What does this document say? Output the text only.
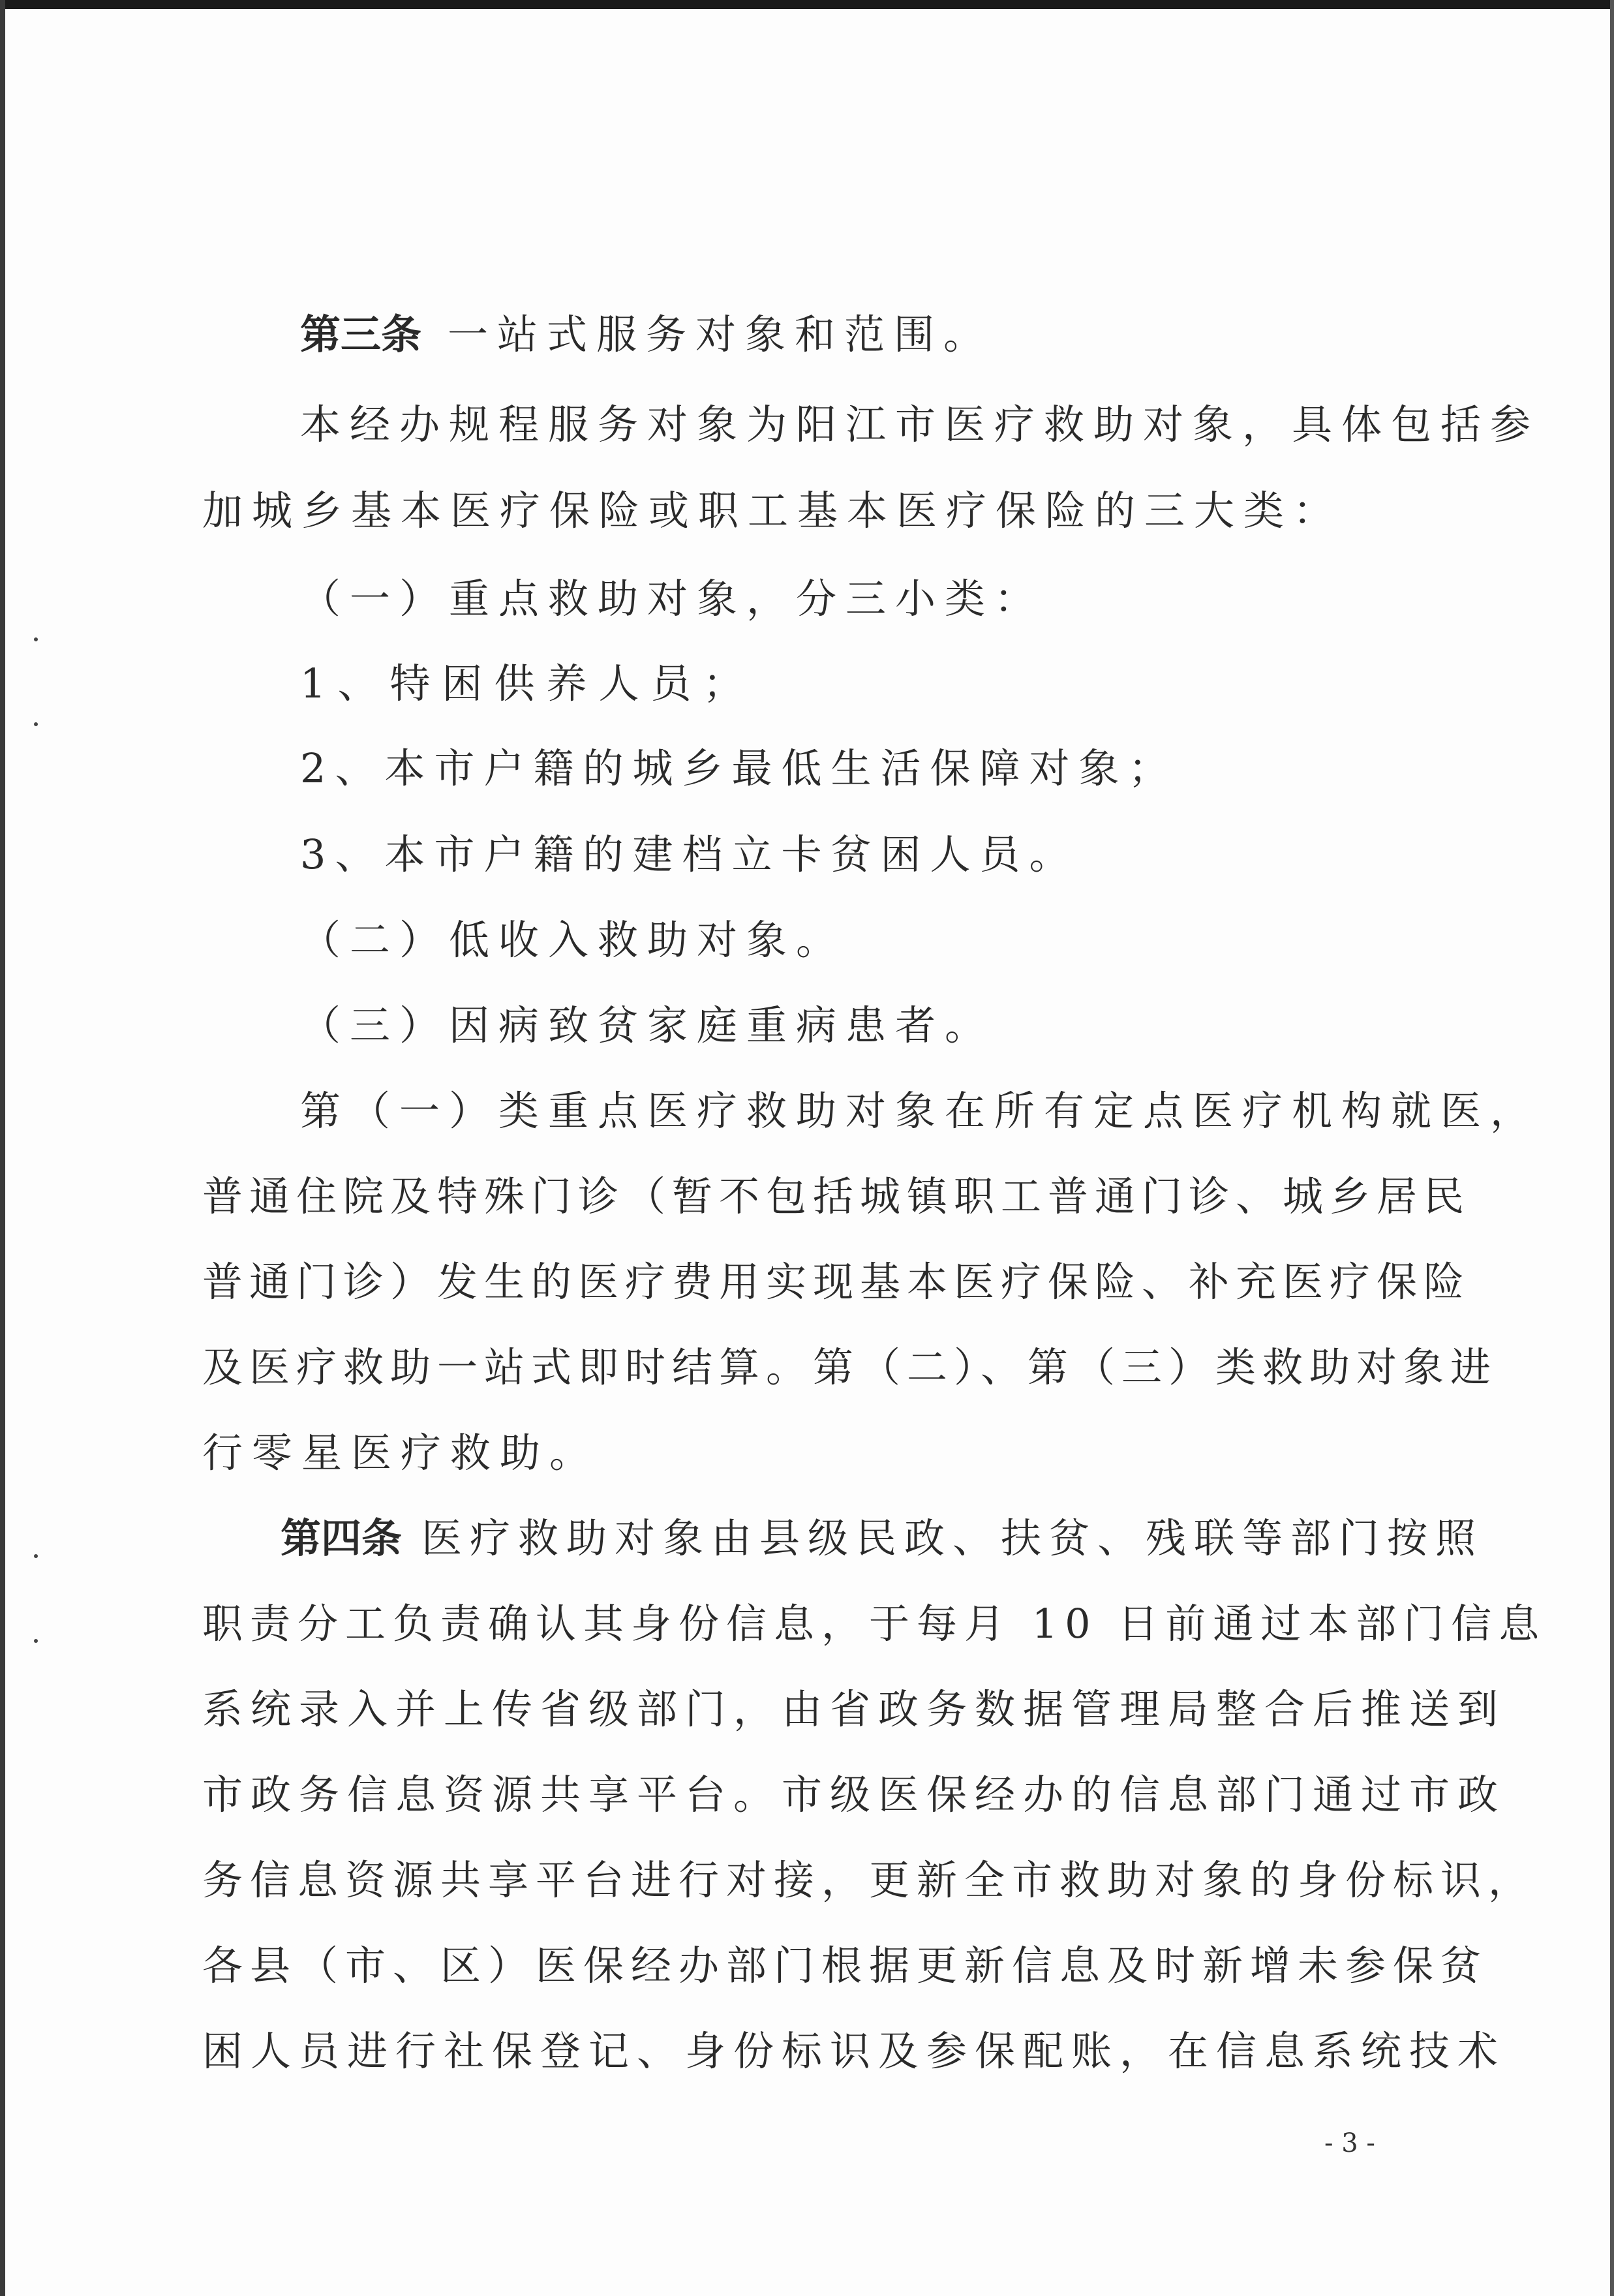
第三条 一站式服务对象和范围。
本经办规程服务对象为阳江市医疗救助对象，具体包括参
加城乡基本医疗保险或职工基本医疗保险的三大类：
（一）重点救助对象，分三小类：
1、特困供养人员；
2、本市户籍的城乡最低生活保障对象；
3、本市户籍的建档立卡贫困人员。
（二）低收入救助对象。
（三）因病致贫家庭重病患者。
第（一）类重点医疗救助对象在所有定点医疗机构就医，
普通住院及特殊门诊（暂不包括城镇职工普通门诊、城乡居民
普通门诊）发生的医疗费用实现基本医疗保险、补充医疗保险
及医疗救助一站式即时结算。第（二）、第（三）类救助对象进
行零星医疗救助。
第四条 医疗救助对象由县级民政、扶贫、残联等部门按照
职责分工负责确认其身份信息，于每月 10 日前通过本部门信息
系统录入并上传省级部门，由省政务数据管理局整合后推送到
市政务信息资源共享平台。市级医保经办的信息部门通过市政
务信息资源共享平台进行对接，更新全市救助对象的身份标识，
各县（市、区）医保经办部门根据更新信息及时新增未参保贫
困人员进行社保登记、身份标识及参保配账，在信息系统技术
- 3 -
